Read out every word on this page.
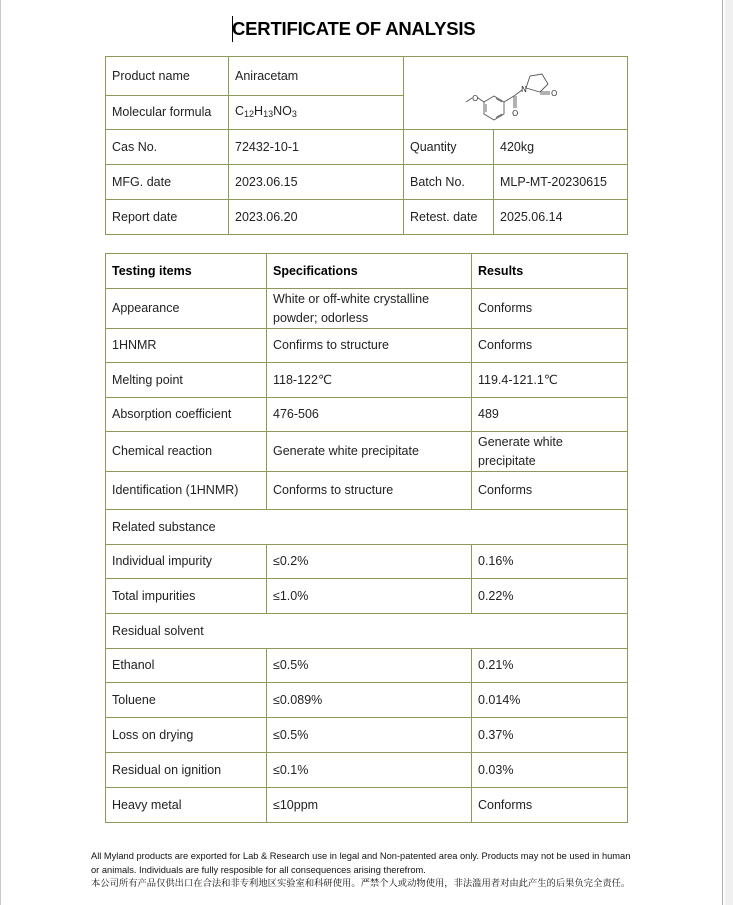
CERTIFICATE OF ANALYSIS
Product name	Aniracetam	O
N
O
O	

Molecular formula	$C_{12}H_{13}NO_3$
Cas No.	72432-10-1	Quantity	420kg
MFG. date	2023.06.15	Batch No.	MLP-MT-20230615
Report date	2023.06.20	Retest. date	2025.06.14
Testing items	Specifications	Results
Appearance	White or off-white crystalline powder; odorless	Conforms
1HNMR	Confirms to structure	Conforms
Melting point	118-122℃	119.4-121.1℃
Absorption coefficient	476-506	489
Chemical reaction	Generate white precipitate	Generate white precipitate
Identification (1HNMR)	Conforms to structure	Conforms
Related substance		
Individual impurity	≤0.2%	0.16%
Total impurities	≤1.0%	0.22%
Residual solvent		
Ethanol	≤0.5%	0.21%
Toluene	≤0.089%	0.014%
Loss on drying	≤0.5%	0.37%
Residual on ignition	≤0.1%	0.03%
Heavy metal	≤10ppm	Conforms

All Myland products are exported for Lab & Research use in legal and Non-patented area only. Products may not be used in human or animals. Individuals are fully resposible for all consequences arising therefrom.

本公司所有产品仅供出口在合法和非专利地区实验室和科研使用。严禁个人或动物使用，非法滥用者对由此产生的后果负完全责任。
